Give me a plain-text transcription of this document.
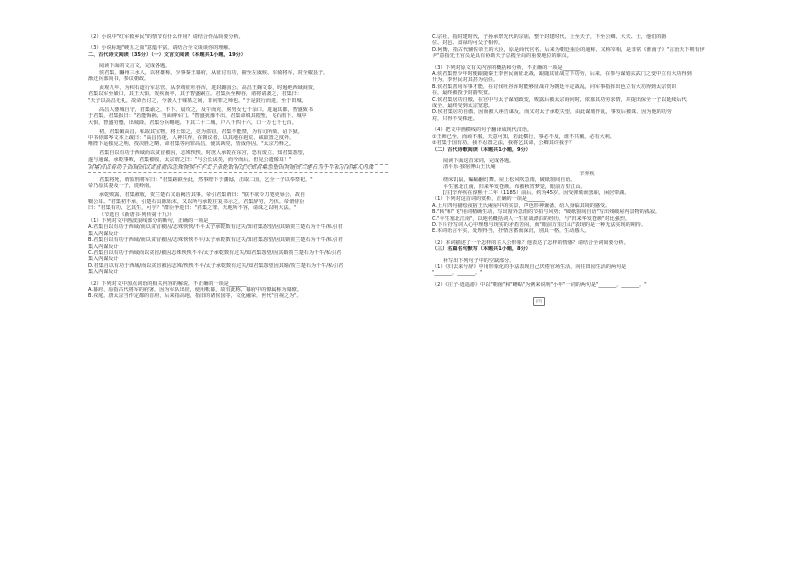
（2）小说中"红军救乡民"的情节有什么作用？请结合作品简要分析。
（3）小说标题"硬五之血"意蕴丰富，请结合全文谈谈你的理解。
二、古代诗文阅读（35分）（一）文言文阅读（本题共1小题，19分）
阅读下面的文言文，完成各题。
侯君集，豳州三水人，以材雄称。少事秦王幕府，从征讨有功，擢至左虞候、车骑将军，封全椒县子。
渐迁兵部尚书，参议朝政。
贞观九年，为积石道行军总管，从李靖征吐谷浑，进封潞国公。高昌王麹文泰，时遏绝西域商贾，
君集以军至碛口，其王大惧，发疾而卒，其子智盛嗣立。君集兵至柳谷，诸将请袭之，君集曰：
"天子以高昌无礼，故命吾讨之，今袭人于墟墓之间，非问罪之师也。"于是鼓行而进，至于田城。
高昌人婴城自守，君集谕之，不下。晨攻之，及午而克，虏男女七千余口。进逼其都，智盛致书
于君集，君集报曰："若能悔祸，当面缚军门。"智盛犹豫不出，君集命填其隍堑，飞石雨下，城中
大惧，智盛穷蹙，出城降。君集分兵略地，下其二十二城，户八千四十六，口一万七千七百。
初，君集破高昌，私取其宝物，将士知之，竞为盗窃，君集不能禁，为有司所劾，诏下狱。
中书侍郎岑文本上疏曰："高昌昏迷，人神共弃，在朝议者，以其地在遐荒，咸欲置之度外。
唯陛下运独见之明，授决胜之略，命君集等问罪高昌，使其凶党，皆成俘囚。"太宗乃释之。
君集自以有功于西域而以贪冒被囚，志殊怏怏。时庶人承乾在东宫，恐有废立，知君集怨望，
遂与通谋。承乾事败，君集被收，太宗谓之曰："与公长诀矣，而今而后，但见公遗像耳！"
君集自以有功于西域而以贪冒被囚志殊怏怏不平太子承乾数有过失知君集怨望因其婿贺兰楚石为千牛私引君集入内谋
君集将死，谓监刑将军曰："君集蹉跌至此，然事陛下于藩邸，击取二国，乞全一子以奉祭祀。"
帝乃原其妻及一子，徙岭南。
承乾败露，君集被收，贺兰楚石又诣阙告其事。帝引君集谓曰："朕不欲令刀笔吏辱公，故自
鞫公耳。"君集初不承，引楚石具陈始末，又以所与承乾往复书示之，君集辞穷，乃伏。帝谓侍臣
曰："君集有功，乞其生，可乎？"群臣争进曰："君集之罪，天地所不容，请诛之以明大法。"
（节选自《新唐书·列传第十九》）
（1）下列对文中画波浪线部分的断句，正确的一项是_______
A.君集自以有功于西域/而以贪冒被囚/志殊怏怏/不平太子承乾数有过失/知君集怨望/因其婿贺兰楚石为千牛/私引君
集入内谋反计
B.君集自以有功于西域/而以贪冒被囚/志殊怏怏不平/太子承乾数有过失/知君集怨望/因其婿贺兰楚石为千牛/私引君
集入内谋反计
C.君集自以有功于西域而以贪冒/被囚志殊怏怏不平/太子承乾数有过失/知君集怨望/因其婿贺兰楚石为千牛/私引君
集入内谋反计
D.君集自以有功于西域/而以贪冒被囚志殊/怏怏不平/太子承乾数有过失/知君集怨望因其婿/贺兰楚石为千牛/私引君
集入内谋反计
（2）下列对文中加点词语的相关内容的解说，不正确的一项是_______
A.幕府，原指古代将军的府署，因为军队出征，使用帐幕，故有此称，幕府中的僚属称为幕僚。
B.戎庭，唐太宗当作定都的首府，后来指高地，指旧的诸侯国等，文化融荣，世代"自视之为"。
C.宗社，指封建时代，子孙承祭先代的宗庙，整个封建时代，上至天子，下至公卿、大夫、士，他们的爵
位、封邑、食禄均可父子相传。
D.阿衡，指古代辅佐帝王的大臣，原是商代官名，后来为朝廷重臣的通称，又称宰相，是非常《淮南子》"言治天下则有伊
尹"意指先王官员是具有协助天子总揽全局的重要地位的职员。
（3）下列对原文有关内容的概括和分析，不正确的一项是_______
A.侯君集曾少年时便跟随秦王李世民南征北战，跟随其征战立下功劳，后来，在参与谋划玄武门之变中立有大功得到
升为，李世民对其甚为信任。
B.侯君集善用军事才能，在讨伐吐谷浑时能够征战并为朝廷平定战乱，同军事指挥出色立有大功得到太宗赏识
在，最终被授予封爵奖赏。
C.侯君集居功自傲，在宫中与太子谋划政变，败露后被太宗询问时，依靠其功劳求情，并提出保全一子以延续后代
成全，最终受到太宗宽恕。
D.侯君集居功自傲，因而被人诬告谋反，而又对太子承乾失望，由此谋划作乱，事发后被诛，因为他的功劳
对，只得不受株连。
（4）把文中画横线的句子翻译成现代汉语。
①王师已至，而顽不服，天意可知，若此横行，事必不及，谁不共戴，必有大利。
②君集于国有功，我不忍置之法，我将乞其命，公卿其许我乎？
（二）古代诗歌阅读（本题共1小题，9分）
阅读下面这首宋词，完成各题。
清平乐·独宿博山王氏庵
辛弃疾
绕床饥鼠，蝙蝠翻灯舞。屋上松风吹急雨，破纸窗间自语。
平生塞北江南，归来华发苍颜。布被秋宵梦觉，眼前万里江山。
[注]辛弃疾在淳熙十二年（1185）前后，约为45岁，因受弹劾而罢职，闲居带湖。
（1）下列对这首词的赏析，正确的一项是_______
A.上片四句描绘夜宿王氏庵屋中的实景，声色形神兼备，给人身临其境的感受。
B."转"和"飞"用词精确生动，写出窗外急雨的节拍与风势；"破纸窗间自语"写出残破屋内景物的孤寂。
C."平生塞北江南"，以地名概括词人一生征战漂泊的经历，与"归来华发苍颜"对比强烈。
D.下片抒写词人心中理想与现实的矛盾苦闷，而"眼前万里江山"表现的是一种无法实现的期待。
E.本词语言平实，处理得当，抒情含蓄而深沉，别具一格，生动感人。
（2）本词描述了一个怎样的主人公形象？他表达了怎样的情感？请结合全词简要分析。
（三）名篇名句默写（本题共1小题，8分）
补写出下列句子中的空缺部分。
（1）《归去来兮辞》中用形象化的手法表现自己厌倦官场生活，向往田园生活的两句是
"_______，_______。"
（2）《庄子·逍遥游》中以"朝菌"和"蟪蛄"为例来说明"小年"一词的两句是"_______，_______。"
[印]
